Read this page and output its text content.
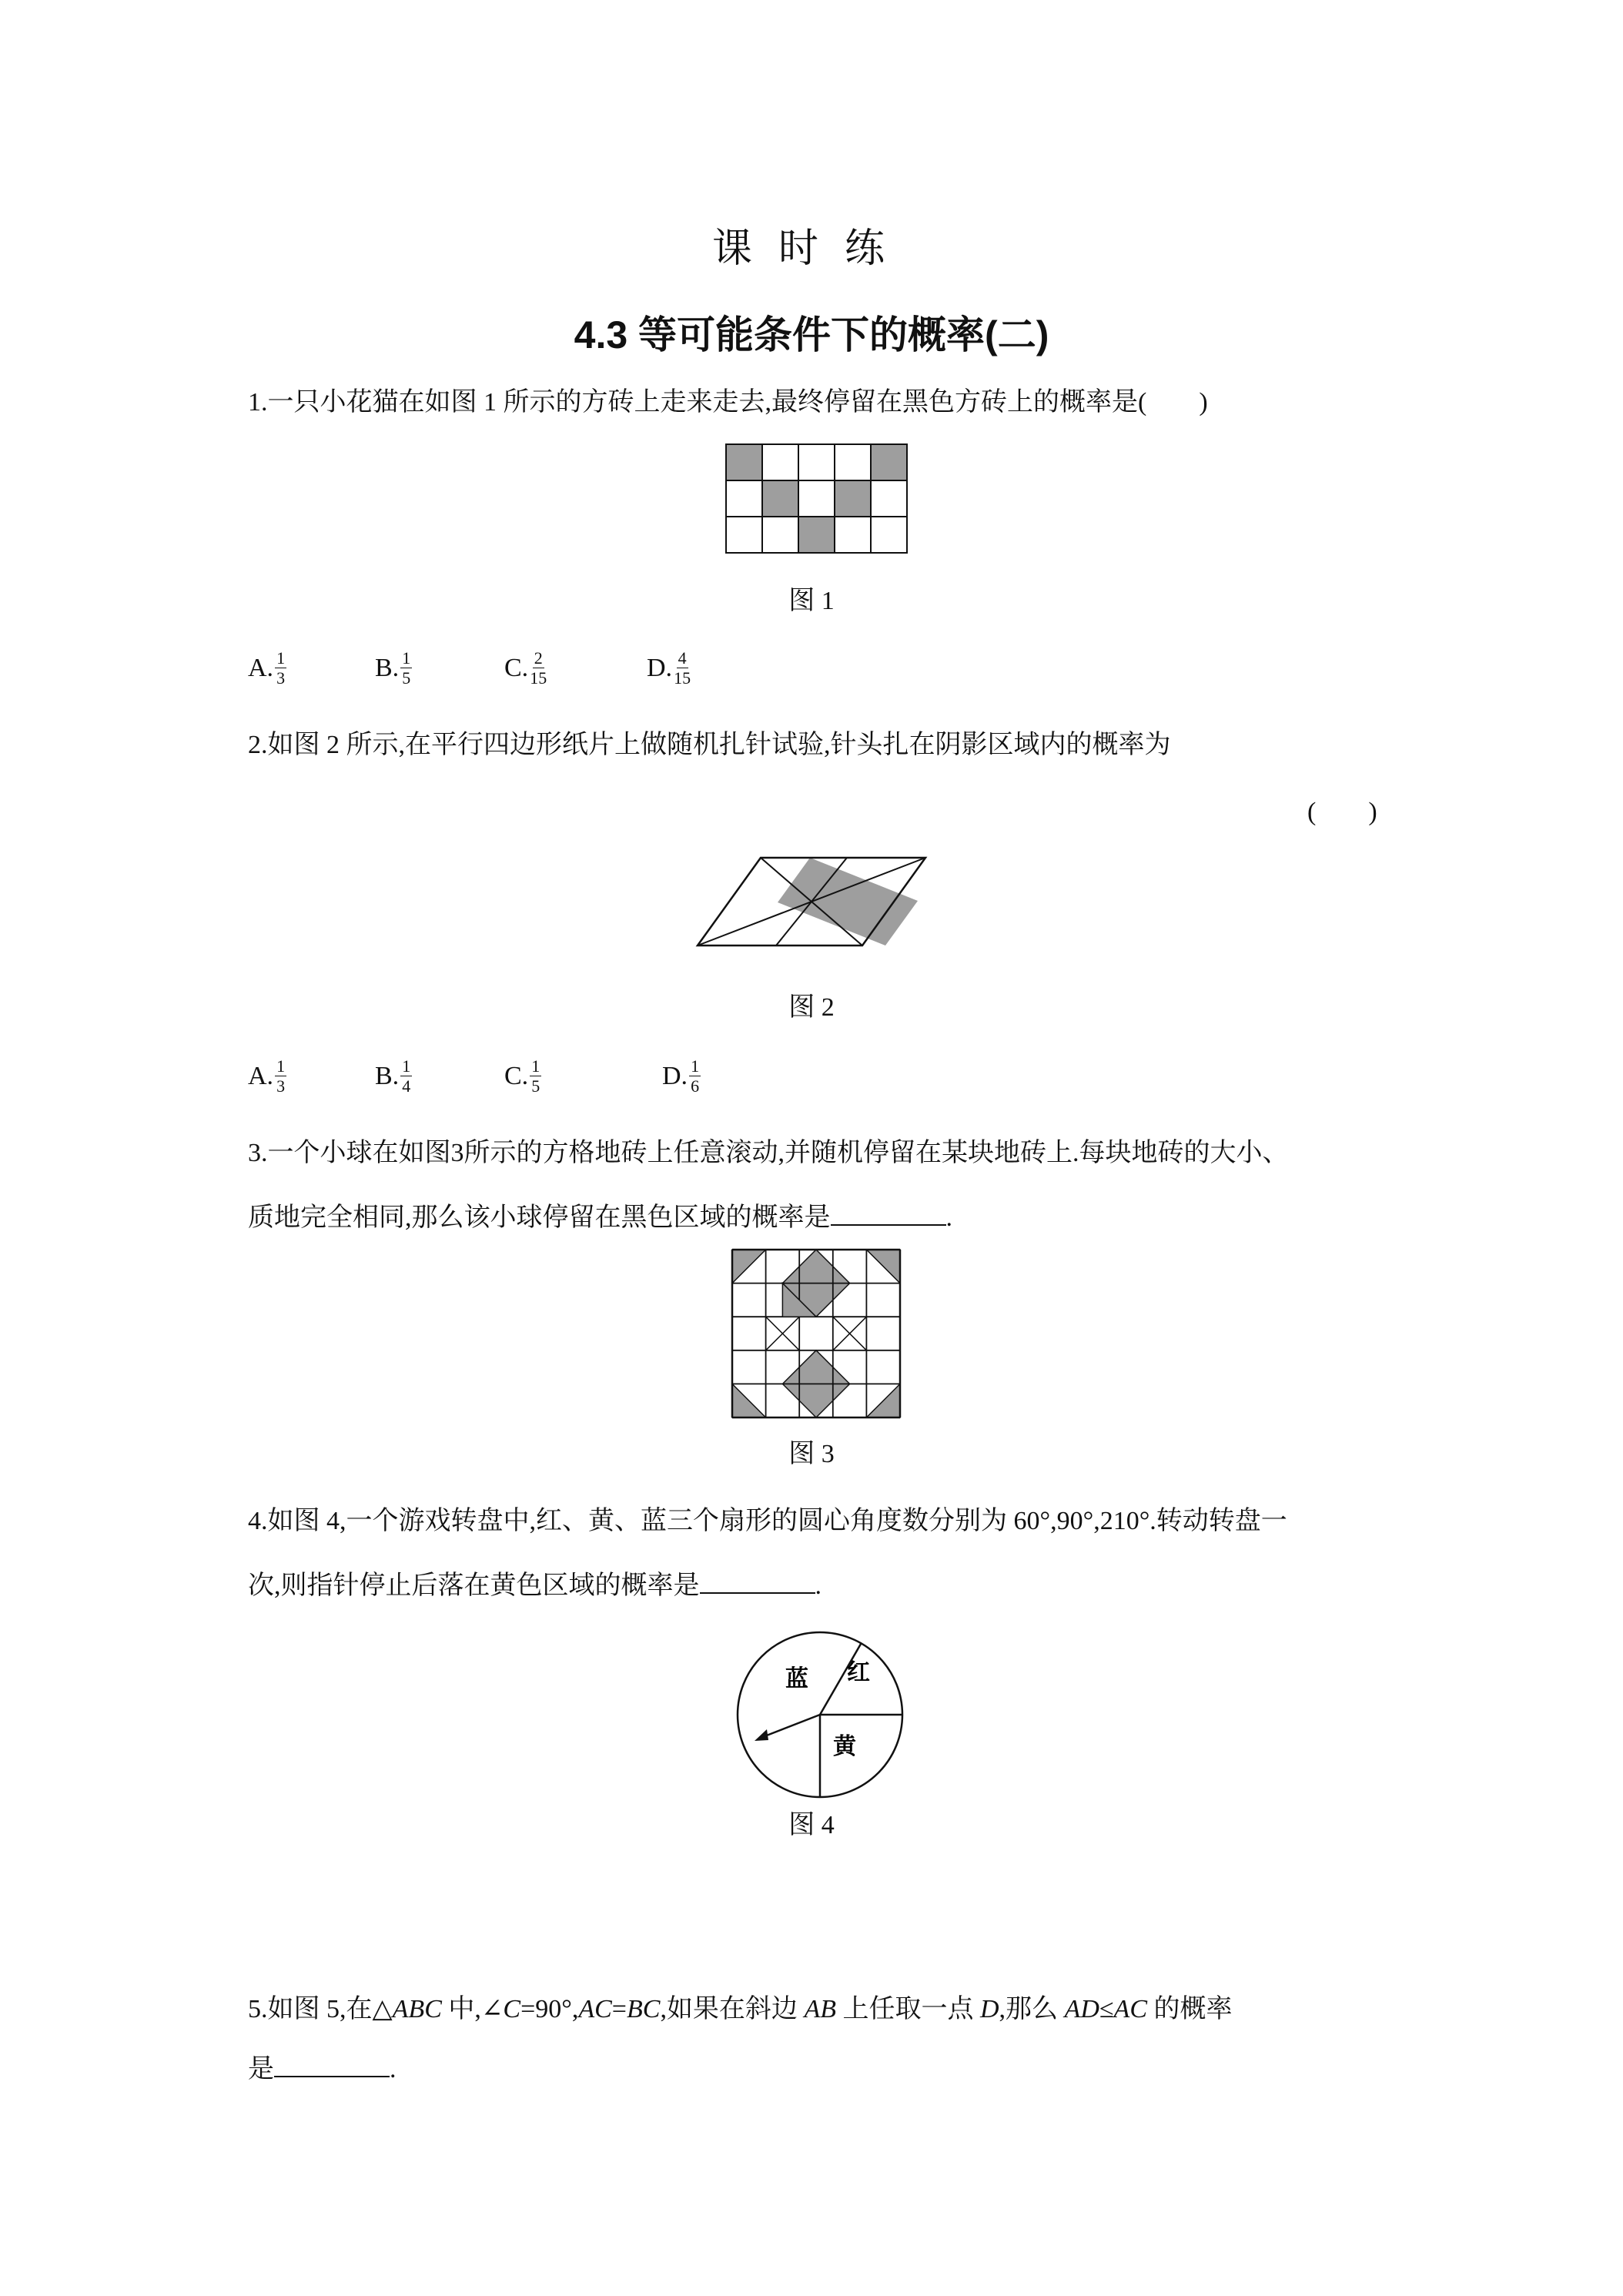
课时练
4.3 等可能条件下的概率(二)
1.一只小花猫在如图 1 所示的方砖上走来走去,最终停留在黑色方砖上的概率是(　　)
图 1
A. $\frac{1}{3}$	B. $\frac{1}{5}$	C. $\frac{2}{15}$	D. $\frac{4}{15}$
2.如图 2 所示,在平行四边形纸片上做随机扎针试验,针头扎在阴影区域内的概率为
(　　)
图 2
A. $\frac{1}{3}$	B. $\frac{1}{4}$	C. $\frac{1}{5}$	D. $\frac{1}{6}$
3.一个小球在如图3所示的方格地砖上任意滚动,并随机停留在某块地砖上.每块地砖的大小、
质地完全相同,那么该小球停留在黑色区域的概率是	.
图 3
4.如图 4,一个游戏转盘中,红、黄、蓝三个扇形的圆心角度数分别为 60°,90°,210°.转动转盘一
次,则指针停止后落在黄色区域的概率是	.
蓝 红
黄
图 4
5.如图 5,在△ABC 中,∠C=90°,AC=BC,如果在斜边 AB 上任取一点 D,那么 AD≤AC 的概率
是	.
